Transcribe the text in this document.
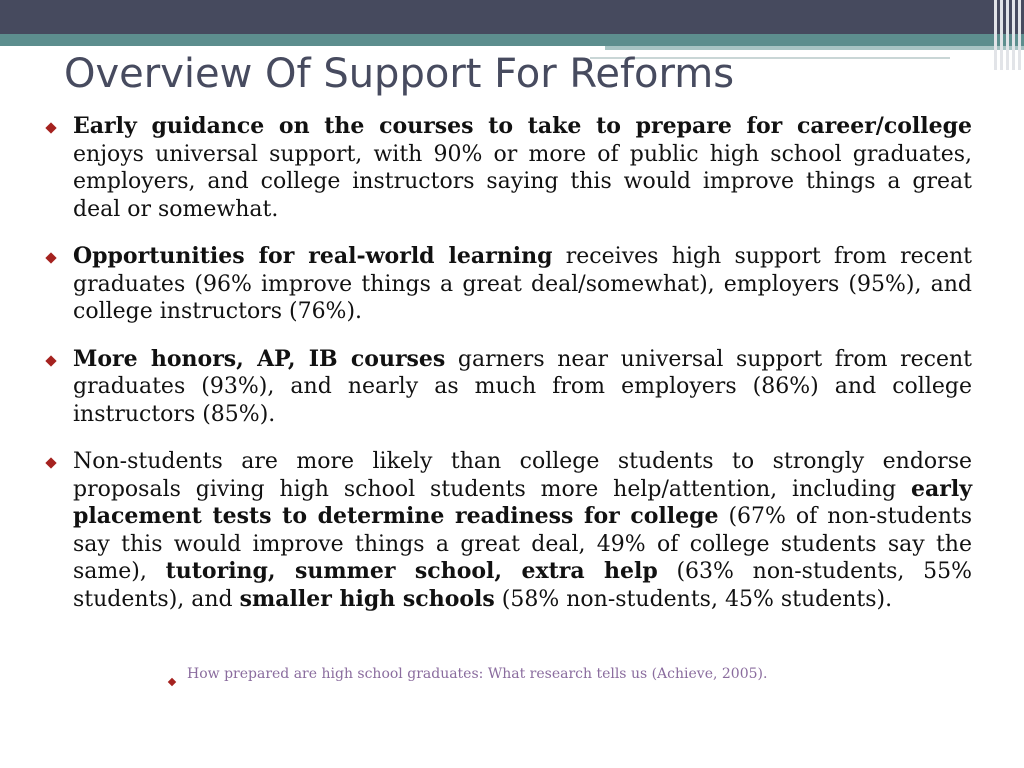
Overview Of Support For Reforms
Early guidance on the courses to take to prepare for career/college enjoys universal support, with 90% or more of public high school graduates, employers, and college instructors saying this would improve things a great deal or somewhat.
Opportunities for real-world learning receives high support from recent graduates (96% improve things a great deal/somewhat), employers (95%), and college instructors (76%).
More honors, AP, IB courses garners near universal support from recent graduates (93%), and nearly as much from employers (86%) and college instructors (85%).
Non-students are more likely than college students to strongly endorse proposals giving high school students more help/attention, including early placement tests to determine readiness for college (67% of non-students say this would improve things a great deal, 49% of college students say the same), tutoring, summer school, extra help (63% non-students, 55% students), and smaller high schools (58% non-students, 45% students).
How prepared are high school graduates: What research tells us (Achieve, 2005).
